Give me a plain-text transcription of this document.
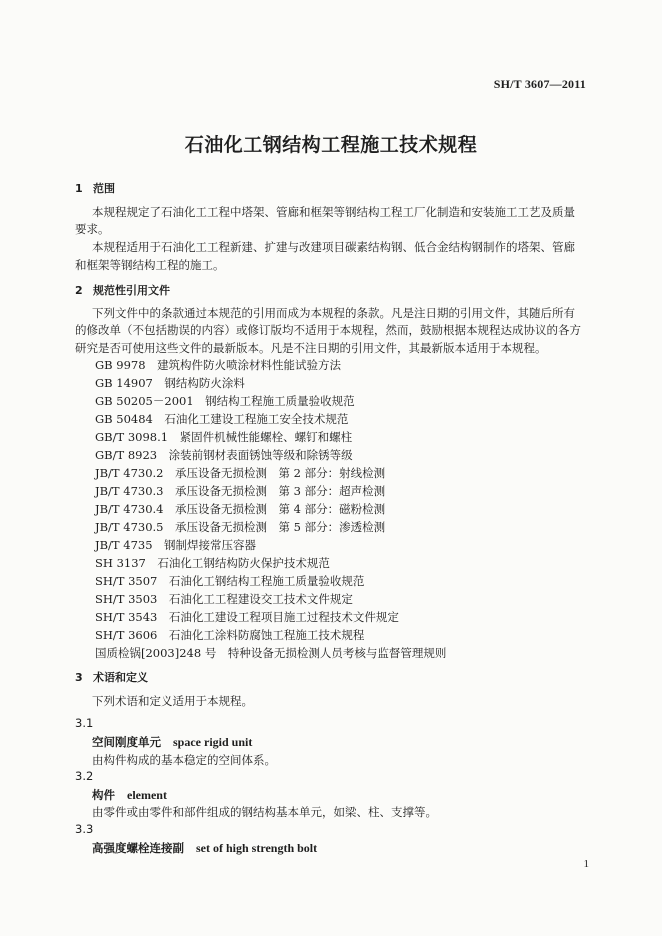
SH/T 3607—2011
石油化工钢结构工程施工技术规程
1 范围
本规程规定了石油化工工程中塔架、管廊和框架等钢结构工程工厂化制造和安装施工工艺及质量
要求。
本规程适用于石油化工工程新建、扩建与改建项目碳素结构钢、低合金结构钢制作的塔架、管廊
和框架等钢结构工程的施工。
2 规范性引用文件
下列文件中的条款通过本规范的引用而成为本规程的条款。凡是注日期的引用文件，其随后所有
的修改单（不包括勘误的内容）或修订版均不适用于本规程，然而，鼓励根据本规程达成协议的各方
研究是否可使用这些文件的最新版本。凡是不注日期的引用文件，其最新版本适用于本规程。
GB 9978　 建筑构件防火喷涂材料性能试验方法
GB 14907　 钢结构防火涂料
GB 50205－2001　 钢结构工程施工质量验收规范
GB 50484　 石油化工建设工程施工安全技术规范
GB/T 3098.1　 紧固件机械性能螺栓、螺钉和螺柱
GB/T 8923　 涂装前钢材表面锈蚀等级和除锈等级
JB/T 4730.2　 承压设备无损检测　第 2 部分：射线检测
JB/T 4730.3　 承压设备无损检测　第 3 部分：超声检测
JB/T 4730.4　 承压设备无损检测　第 4 部分：磁粉检测
JB/T 4730.5　 承压设备无损检测　第 5 部分：渗透检测
JB/T 4735　 钢制焊接常压容器
SH 3137　 石油化工钢结构防火保护技术规范
SH/T 3507　 石油化工钢结构工程施工质量验收规范
SH/T 3503　 石油化工工程建设交工技术文件规定
SH/T 3543　 石油化工建设工程项目施工过程技术文件规定
SH/T 3606　 石油化工涂料防腐蚀工程施工技术规程
国质检锅[2003]248 号　 特种设备无损检测人员考核与监督管理规则
3 术语和定义
下列术语和定义适用于本规程。
3.1
空间刚度单元 space rigid unit
由构件构成的基本稳定的空间体系。
3.2
构件 element
由零件或由零件和部件组成的钢结构基本单元，如梁、柱、支撑等。
3.3
高强度螺栓连接副 set of high strength bolt
1
